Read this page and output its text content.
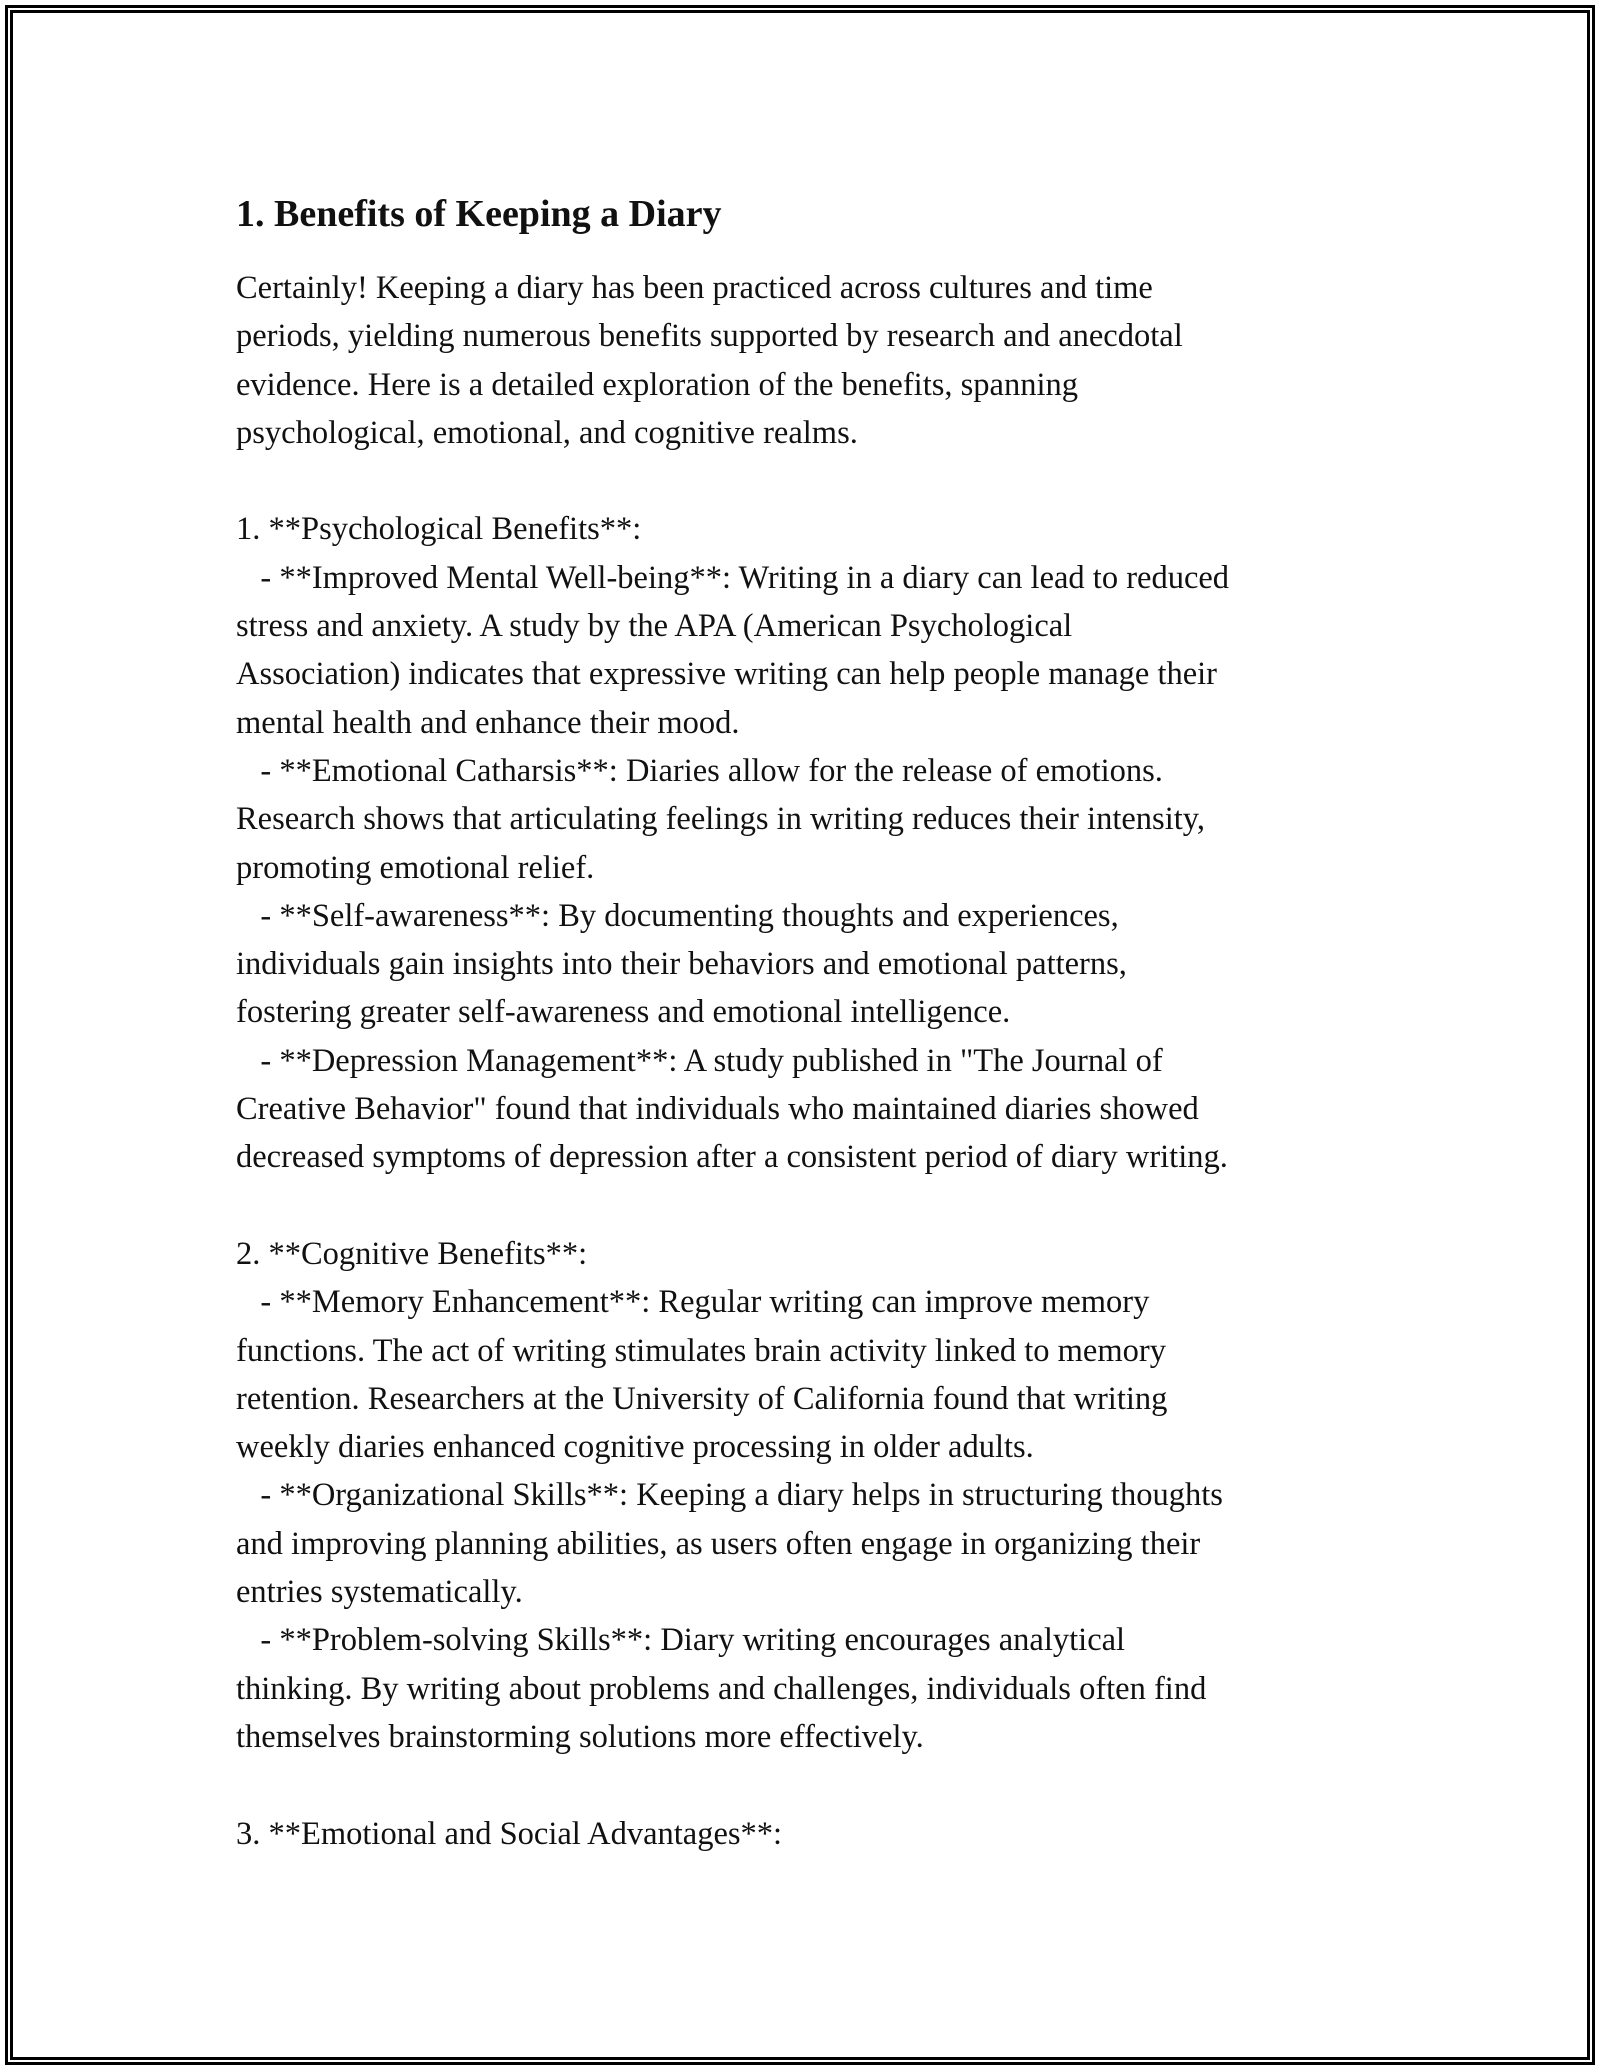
1. Benefits of Keeping a Diary

Certainly! Keeping a diary has been practiced across cultures and time
periods, yielding numerous benefits supported by research and anecdotal
evidence. Here is a detailed exploration of the benefits, spanning
psychological, emotional, and cognitive realms.

1. **Psychological Benefits**:
- **Improved Mental Well-being**: Writing in a diary can lead to reduced
stress and anxiety. A study by the APA (American Psychological
Association) indicates that expressive writing can help people manage their
mental health and enhance their mood.
- **Emotional Catharsis**: Diaries allow for the release of emotions.
Research shows that articulating feelings in writing reduces their intensity,
promoting emotional relief.
- **Self-awareness**: By documenting thoughts and experiences,
individuals gain insights into their behaviors and emotional patterns,
fostering greater self-awareness and emotional intelligence.
- **Depression Management**: A study published in "The Journal of
Creative Behavior" found that individuals who maintained diaries showed
decreased symptoms of depression after a consistent period of diary writing.

2. **Cognitive Benefits**:
- **Memory Enhancement**: Regular writing can improve memory
functions. The act of writing stimulates brain activity linked to memory
retention. Researchers at the University of California found that writing
weekly diaries enhanced cognitive processing in older adults.
- **Organizational Skills**: Keeping a diary helps in structuring thoughts
and improving planning abilities, as users often engage in organizing their
entries systematically.
- **Problem-solving Skills**: Diary writing encourages analytical
thinking. By writing about problems and challenges, individuals often find
themselves brainstorming solutions more effectively.

3. **Emotional and Social Advantages**:
